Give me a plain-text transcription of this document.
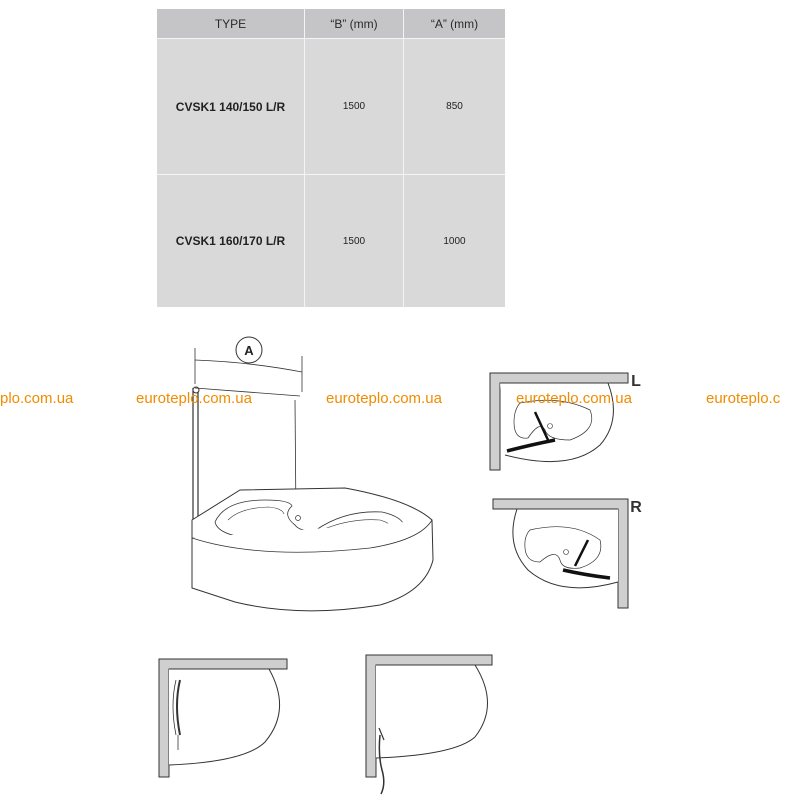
TYPE	“B” (mm)	“A” (mm)
CVSK1 140/150 L/R	1500	850
CVSK1 160/170 L/R	1500	1000
A
L
R
plo.com.ua	euroteplo.com.ua	euroteplo.com.ua	euroteplo.com.ua	euroteplo.c
